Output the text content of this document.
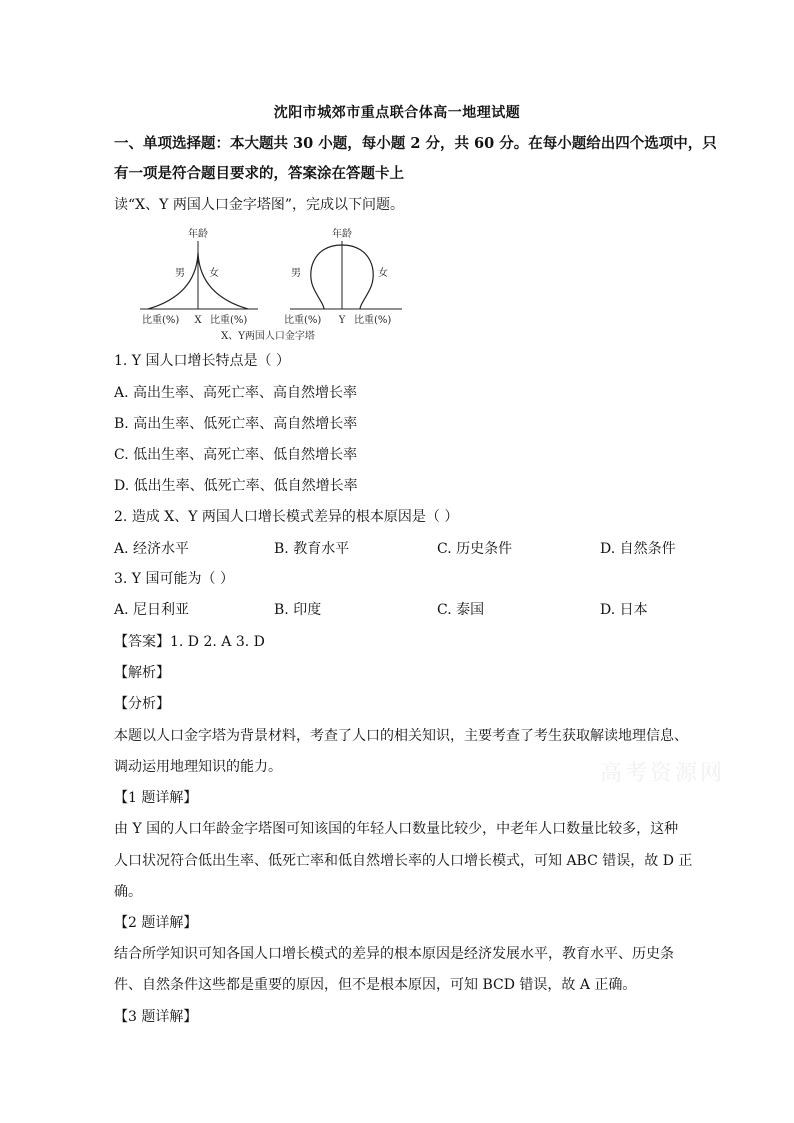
沈阳市城郊市重点联合体高一地理试题
一、单项选择题：本大题共 30 小题，每小题 2 分，共 60 分。在每小题给出四个选项中，只
有一项是符合题目要求的，答案涂在答题卡上
读“X、Y 两国人口金字塔图”，完成以下问题。
年龄
男 女
比重(%) X 比重(%)
年龄
男	女
比重(%) Y 比重(%)
X、Y两国人口金字塔
1. Y 国人口增长特点是（ ）
A. 高出生率、高死亡率、高自然增长率
B. 高出生率、低死亡率、高自然增长率
C. 低出生率、高死亡率、低自然增长率
D. 低出生率、低死亡率、低自然增长率
2. 造成 X、Y 两国人口增长模式差异的根本原因是（ ）
A. 经济水平	B. 教育水平	C. 历史条件	D. 自然条件
3. Y 国可能为（ ）
A. 尼日利亚	B. 印度	C. 泰国	D. 日本
【答案】1. D 2. A 3. D
【解析】
【分析】
本题以人口金字塔为背景材料，考查了人口的相关知识，主要考查了考生获取解读地理信息、
调动运用地理知识的能力。
【1 题详解】
由 Y 国的人口年龄金字塔图可知该国的年轻人口数量比较少，中老年人口数量比较多，这种
人口状况符合低出生率、低死亡率和低自然增长率的人口增长模式，可知 ABC 错误，故 D 正
确。
【2 题详解】
结合所学知识可知各国人口增长模式的差异的根本原因是经济发展水平，教育水平、历史条
件、自然条件这些都是重要的原因，但不是根本原因，可知 BCD 错误，故 A 正确。
【3 题详解】
高考资源网
